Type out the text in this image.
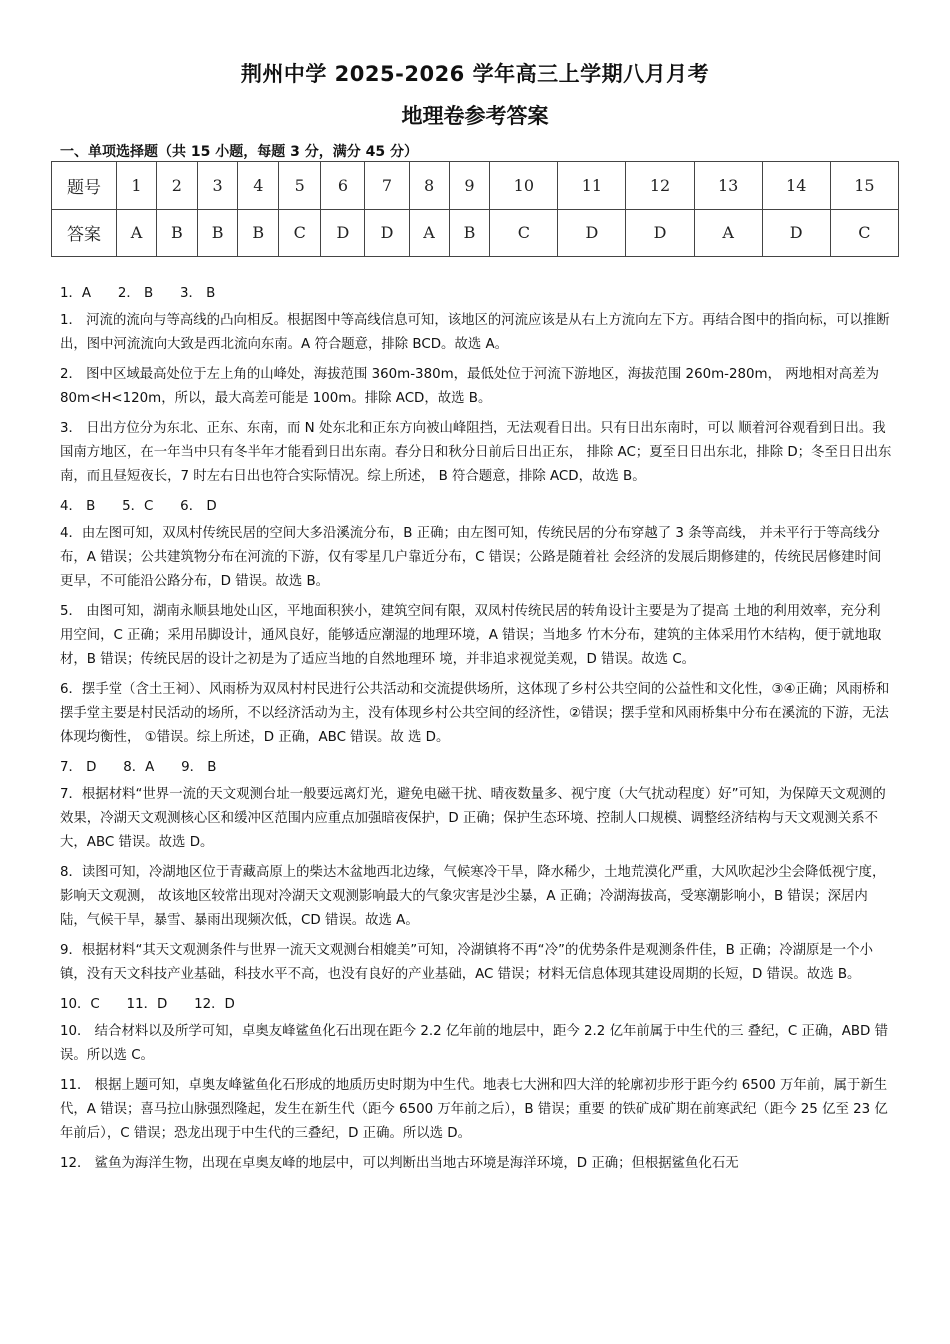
荆州中学 2025-2026 学年高三上学期八月月考
地理卷参考答案
一、单项选择题（共 15 小题，每题 3 分，满分 45 分）
题号	1	2	3	4	5	6	7	8	9	10	11	12	13	14	15
答案	A	B	B	B	C	D	D	A	B	C	D	D	A	D	C

1．A　　2． B　　3． B

1． 河流的流向与等高线的凸向相反。根据图中等高线信息可知，该地区的河流应该是从右上方流向左下方。再结合图中的指向标，可以推断出，图中河流流向大致是西北流向东南。A 符合题意，排除 BCD。故选 A。

2． 图中区域最高处位于左上角的山峰处，海拔范围 360m-380m，最低处位于河流下游地区，海拔范围 260m-280m， 两地相对高差为 80m<H<120m，所以，最大高差可能是 100m。排除 ACD，故选 B。

3． 日出方位分为东北、正东、东南，而 N 处东北和正东方向被山峰阻挡，无法观看日出。只有日出东南时，可以 顺着河谷观看到日出。我国南方地区，在一年当中只有冬半年才能看到日出东南。春分日和秋分日前后日出正东， 排除 AC；夏至日日出东北，排除 D；冬至日日出东南，而且昼短夜长，7 时左右日出也符合实际情况。综上所述， B 符合题意，排除 ACD，故选 B。

4． B　　5．C　　6． D

4．由左图可知，双凤村传统民居的空间大多沿溪流分布，B 正确；由左图可知，传统民居的分布穿越了 3 条等高线， 并未平行于等高线分布，A 错误；公共建筑物分布在河流的下游，仅有零星几户靠近分布，C 错误；公路是随着社 会经济的发展后期修建的，传统民居修建时间更早，不可能沿公路分布，D 错误。故选 B。

5． 由图可知，湖南永顺县地处山区，平地面积狭小，建筑空间有限，双凤村传统民居的转角设计主要是为了提高 土地的利用效率，充分利用空间，C 正确；采用吊脚设计，通风良好，能够适应潮湿的地理环境，A 错误；当地多 竹木分布，建筑的主体采用竹木结构，便于就地取材，B 错误；传统民居的设计之初是为了适应当地的自然地理环 境，并非追求视觉美观，D 错误。故选 C。

6．摆手堂（含土王祠）、风雨桥为双凤村村民进行公共活动和交流提供场所，这体现了乡村公共空间的公益性和文化性，③④正确；风雨桥和摆手堂主要是村民活动的场所，不以经济活动为主，没有体现乡村公共空间的经济性，②错误；摆手堂和风雨桥集中分布在溪流的下游，无法体现均衡性， ①错误。综上所述，D 正确，ABC 错误。故 选 D。

7． D　　8．A　　9． B

7．根据材料“世界一流的天文观测台址一般要远离灯光，避免电磁干扰、晴夜数量多、视宁度（大气扰动程度）好”可知，为保障天文观测的效果，冷湖天文观测核心区和缓冲区范围内应重点加强暗夜保护，D 正确；保护生态环境、控制人口规模、调整经济结构与天文观测关系不大，ABC 错误。故选 D。

8．读图可知，冷湖地区位于青藏高原上的柴达木盆地西北边缘，气候寒冷干旱，降水稀少，土地荒漠化严重，大风吹起沙尘会降低视宁度，影响天文观测， 故该地区较常出现对冷湖天文观测影响最大的气象灾害是沙尘暴，A 正确；冷湖海拔高，受寒潮影响小，B 错误；深居内陆，气候干旱，暴雪、暴雨出现频次低，CD 错误。故选 A。

9．根据材料“其天文观测条件与世界一流天文观测台相媲美”可知，冷湖镇将不再“冷”的优势条件是观测条件佳，B 正确；冷湖原是一个小镇，没有天文科技产业基础，科技水平不高，也没有良好的产业基础，AC 错误；材料无信息体现其建设周期的长短，D 错误。故选 B。

10．C　　11．D　　12．D

10． 结合材料以及所学可知，卓奥友峰鲨鱼化石出现在距今 2.2 亿年前的地层中，距今 2.2 亿年前属于中生代的三 叠纪，C 正确，ABD 错误。所以选 C。

11． 根据上题可知，卓奥友峰鲨鱼化石形成的地质历史时期为中生代。地表七大洲和四大洋的轮廓初步形于距今约 6500 万年前，属于新生代，A 错误；喜马拉山脉强烈隆起，发生在新生代（距今 6500 万年前之后），B 错误；重要 的铁矿成矿期在前寒武纪（距今 25 亿至 23 亿年前后），C 错误；恐龙出现于中生代的三叠纪，D 正确。所以选 D。

12． 鲨鱼为海洋生物，出现在卓奥友峰的地层中，可以判断出当地古环境是海洋环境，D 正确；但根据鲨鱼化石无
